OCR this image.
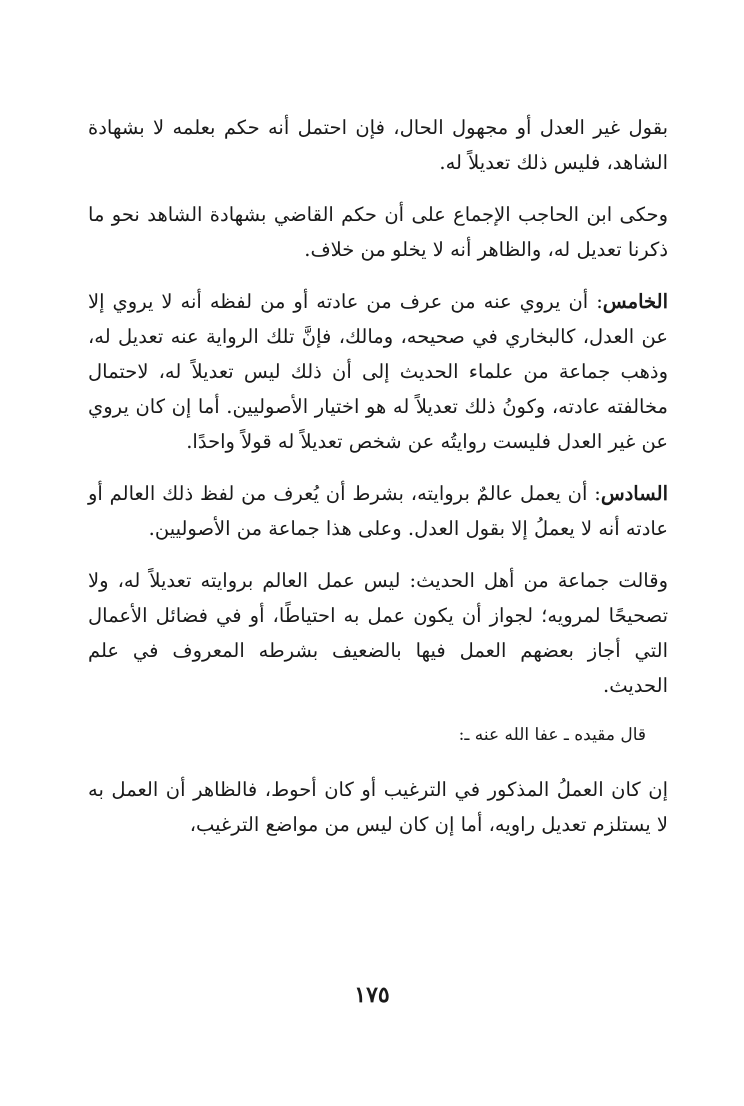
بقول غير العدل أو مجهول الحال، فإن احتمل أنه حكم بعلمه لا بشهادة الشاهد، فليس ذلك تعديلاً له.

وحكى ابن الحاجب الإجماع على أن حكم القاضي بشهادة الشاهد نحو ما ذكرنا تعديل له، والظاهر أنه لا يخلو من خلاف.

الخامس: أن يروي عنه من عرف من عادته أو من لفظه أنه لا يروي إلا عن العدل، كالبخاري في صحيحه، ومالك، فإنَّ تلك الرواية عنه تعديل له، وذهب جماعة من علماء الحديث إلى أن ذلك ليس تعديلاً له، لاحتمال مخالفته عادته، وكونُ ذلك تعديلاً له هو اختيار الأصوليين. أما إن كان يروي عن غير العدل فليست روايتُه عن شخص تعديلاً له قولاً واحدًا.

السادس: أن يعمل عالمٌ بروايته، بشرط أن يُعرف من لفظ ذلك العالم أو عادته أنه لا يعملُ إلا بقول العدل. وعلى هذا جماعة من الأصوليين.

وقالت جماعة من أهل الحديث: ليس عمل العالم بروايته تعديلاً له، ولا تصحيحًا لمرويه؛ لجواز أن يكون عمل به احتياطًا، أو في فضائل الأعمال التي أجاز بعضهم العمل فيها بالضعيف بشرطه المعروف في علم الحديث.

قال مقيده ـ عفا الله عنه ـ:

إن كان العملُ المذكور في الترغيب أو كان أحوط، فالظاهر أن العمل به لا يستلزم تعديل راويه، أما إن كان ليس من مواضع الترغيب،

١٧٥
